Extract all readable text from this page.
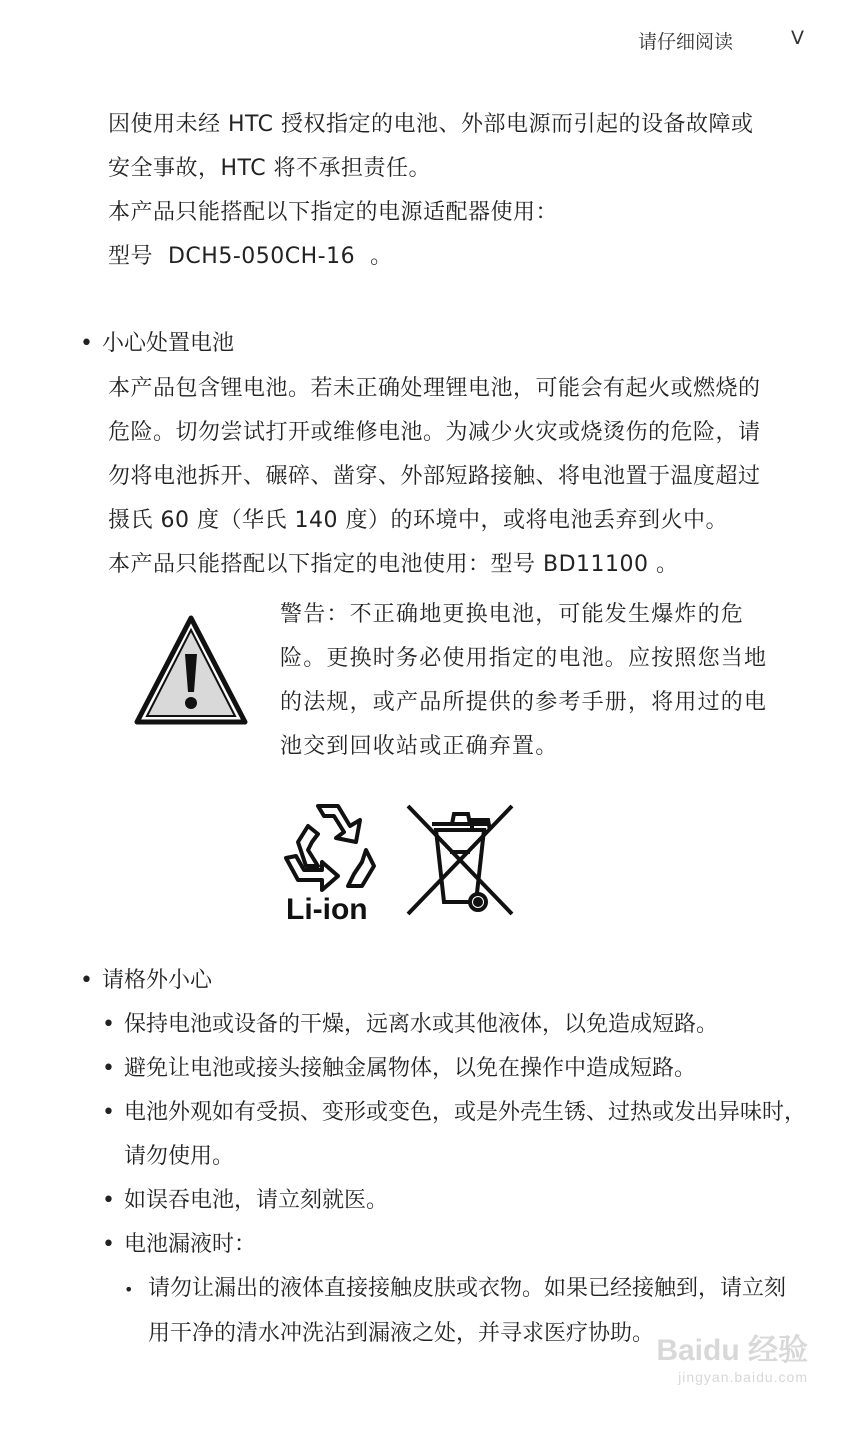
请仔细阅读	V
因使用未经 HTC 授权指定的电池、外部电源而引起的设备故障或
安全事故，HTC 将不承担责任。
本产品只能搭配以下指定的电源适配器使用：
型号  DCH5-050CH-16  。
• 小心处置电池
本产品包含锂电池。若未正确处理锂电池，可能会有起火或燃烧的
危险。切勿尝试打开或维修电池。为减少火灾或烧烫伤的危险，请
勿将电池拆开、碾碎、凿穿、外部短路接触、将电池置于温度超过
摄氏 60 度（华氏 140 度）的环境中，或将电池丢弃到火中。
本产品只能搭配以下指定的电池使用：型号 BD11100 。
警告：不正确地更换电池，可能发生爆炸的危
险。更换时务必使用指定的电池。应按照您当地
的法规，或产品所提供的参考手册，将用过的电
池交到回收站或正确弃置。
Li-ion
• 请格外小心
• 保持电池或设备的干燥，远离水或其他液体，以免造成短路。
• 避免让电池或接头接触金属物体，以免在操作中造成短路。
• 电池外观如有受损、变形或变色，或是外壳生锈、过热或发出异味时，请勿使用。
• 如误吞电池，请立刻就医。
• 电池漏液时：
• 请勿让漏出的液体直接接触皮肤或衣物。如果已经接触到，请立刻用干净的清水冲洗沾到漏液之处，并寻求医疗协助。
Baidu 经验
jingyan.baidu.com
